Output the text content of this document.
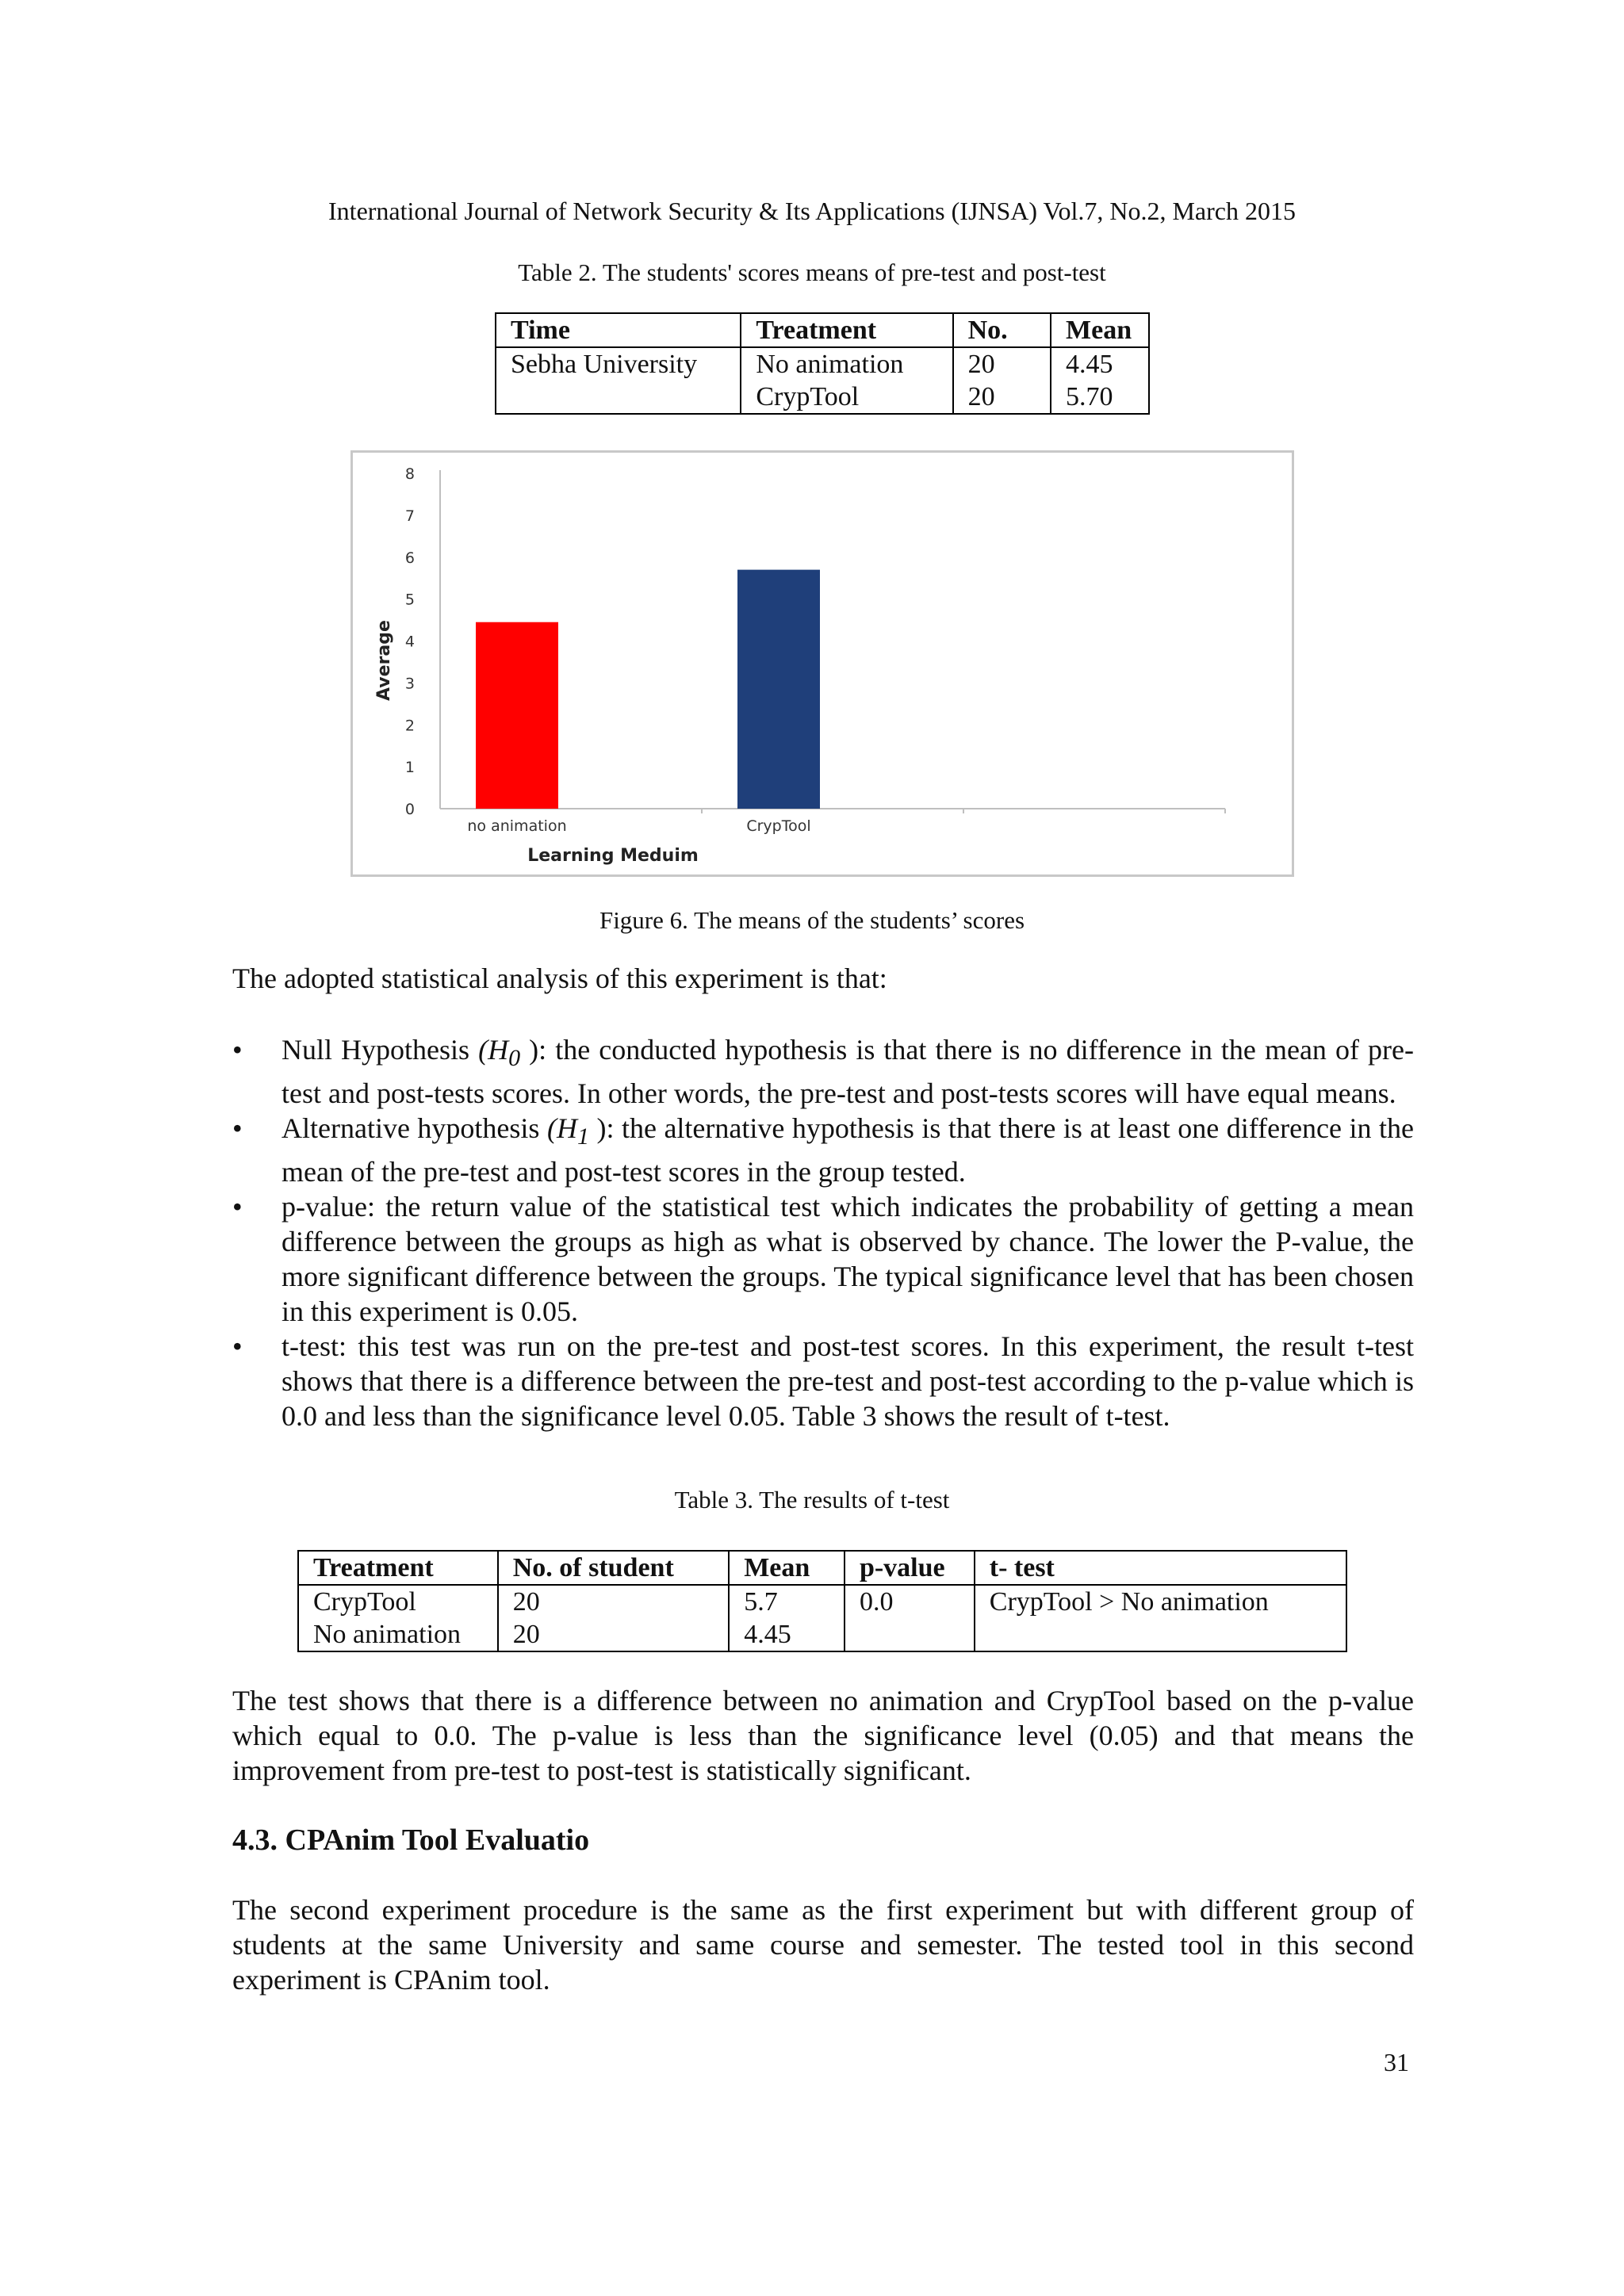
International Journal of Network Security & Its Applications (IJNSA) Vol.7, No.2, March 2015
Table 2. The students' scores means of pre-test and post-test
Time	Treatment	No.	Mean
Sebha University	No animation	20	4.45
	CrypTool	20	5.70
0
1
2
3
4
5
6
7
8
no animation	CrypTool
Average
Learning Meduim
Figure 6. The means of the students’ scores

The adopted statistical analysis of this experiment is that:

• Null Hypothesis ($H_0$ ): the conducted hypothesis is that there is no difference in the mean of pre-test and post-tests scores. In other words, the pre-test and post-tests scores will have equal means.
• Alternative hypothesis ($H_1$ ): the alternative hypothesis is that there is at least one difference in the mean of the pre-test and post-test scores in the group tested.
• p-value: the return value of the statistical test which indicates the probability of getting a mean difference between the groups as high as what is observed by chance. The lower the P-value, the more significant difference between the groups. The typical significance level that has been chosen in this experiment is 0.05.
• t-test: this test was run on the pre-test and post-test scores. In this experiment, the result t-test shows that there is a difference between the pre-test and post-test according to the p-value which is 0.0 and less than the significance level 0.05. Table 3 shows the result of t-test.
Table 3. The results of t-test
Treatment	No. of student	Mean	p-value	t- test
CrypTool	20	5.7	0.0	CrypTool > No animation
No animation	20	4.45		

The test shows that there is a difference between no animation and CrypTool based on the p-value which equal to 0.0. The p-value is less than the significance level (0.05) and that means the improvement from pre-test to post-test is statistically significant.

4.3. CPAnim Tool Evaluatio

The second experiment procedure is the same as the first experiment but with different group of students at the same University and same course and semester. The tested tool in this second experiment is CPAnim tool.

31
